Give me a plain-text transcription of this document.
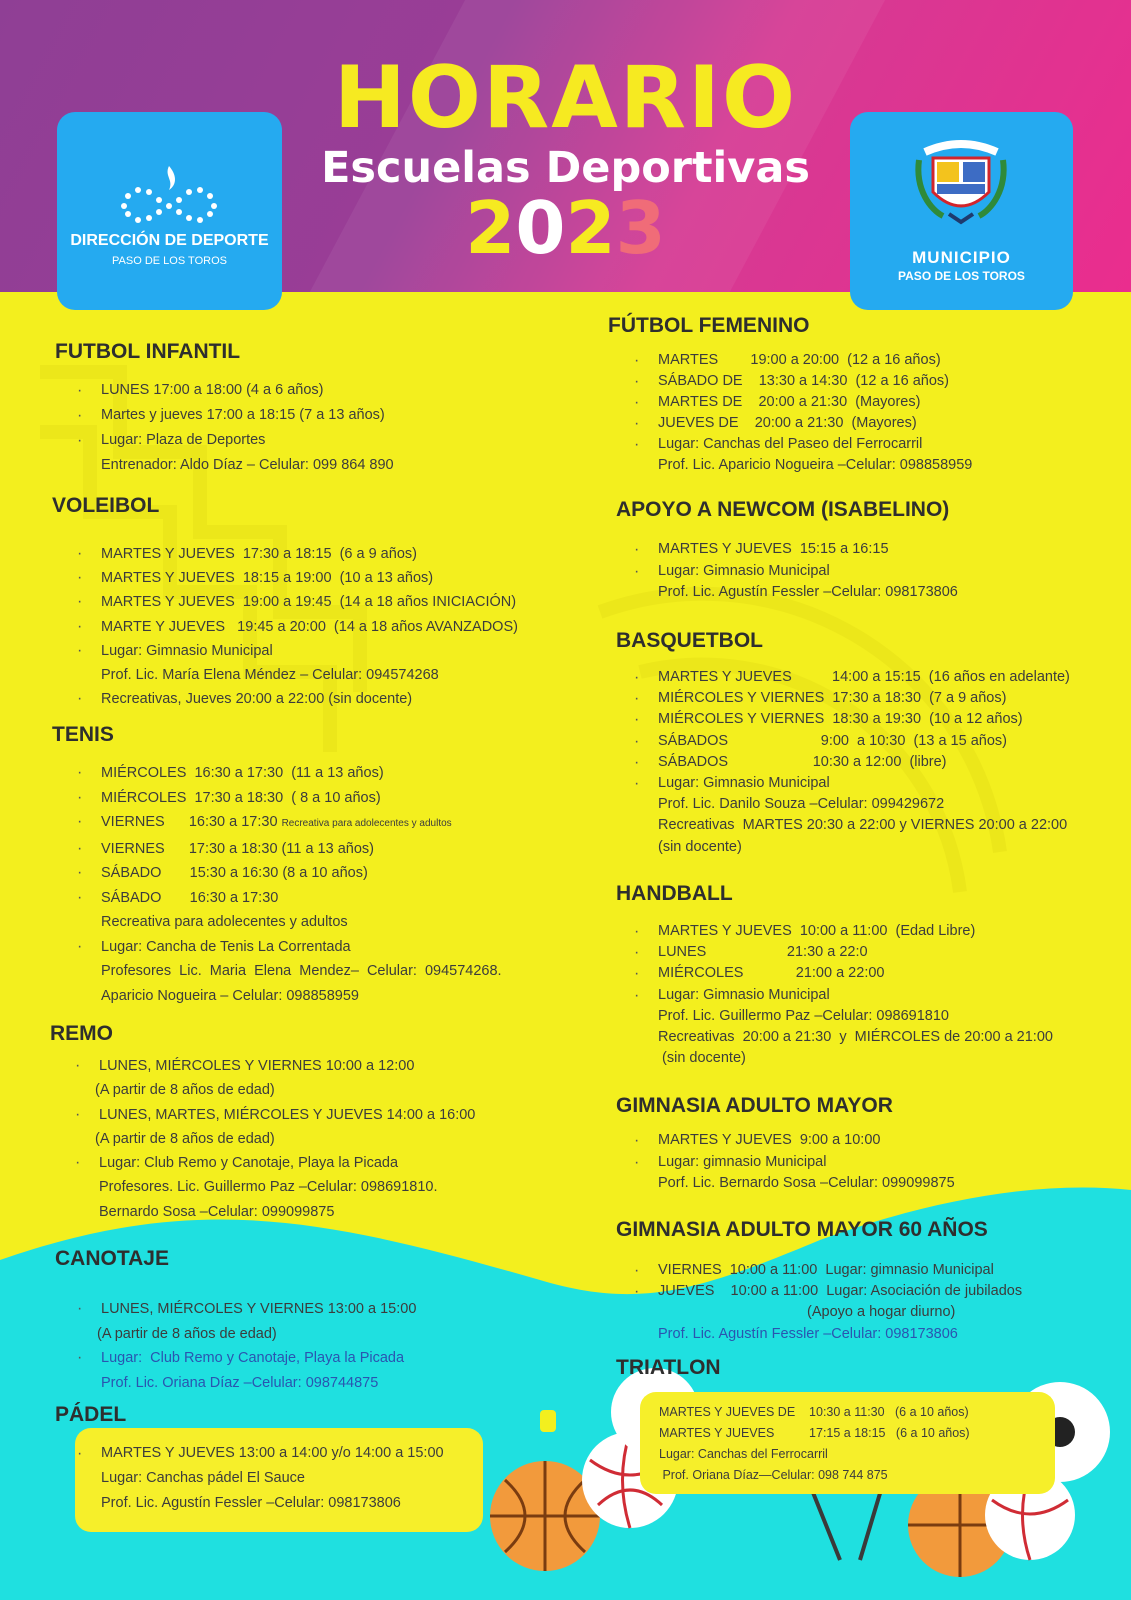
HORARIO
Escuelas Deportivas
2023
DIRECCIÓN DE DEPORTE
PASO DE LOS TOROS	MUNICIPIO
PASO DE LOS TOROS
FUTBOL INFANTIL
· LUNES 17:00 a 18:00 (4 a 6 años)
· Martes y jueves 17:00 a 18:15 (7 a 13 años)
· Lugar: Plaza de Deportes
Entrenador: Aldo Díaz – Celular: 099 864 890
VOLEIBOL
· MARTES Y JUEVES  17:30 a 18:15  (6 a 9 años)
· MARTES Y JUEVES  18:15 a 19:00  (10 a 13 años)
· MARTES Y JUEVES  19:00 a 19:45  (14 a 18 años INICIACIÓN)
· MARTE Y JUEVES   19:45 a 20:00  (14 a 18 años AVANZADOS)
· Lugar: Gimnasio Municipal
Prof. Lic. María Elena Méndez – Celular: 094574268
· Recreativas, Jueves 20:00 a 22:00 (sin docente)
TENIS
· MIÉRCOLES  16:30 a 17:30  (11 a 13 años)
· MIÉRCOLES  17:30 a 18:30  ( 8 a 10 años)
· VIERNES      16:30 a 17:30 Recreativa para adolecentes y adultos
· VIERNES      17:30 a 18:30 (11 a 13 años)
· SÁBADO       15:30 a 16:30 (8 a 10 años)
· SÁBADO       16:30 a 17:30
Recreativa para adolecentes y adultos
· Lugar: Cancha de Tenis La Correntada
Profesores  Lic.  Maria  Elena  Mendez–  Celular:  094574268.
Aparicio Nogueira – Celular: 098858959
REMO
· LUNES, MIÉRCOLES Y VIERNES 10:00 a 12:00
(A partir de 8 años de edad)
· LUNES, MARTES, MIÉRCOLES Y JUEVES 14:00 a 16:00
(A partir de 8 años de edad)
· Lugar: Club Remo y Canotaje, Playa la Picada
Profesores. Lic. Guillermo Paz –Celular: 098691810.
Bernardo Sosa –Celular: 099099875
CANOTAJE
· LUNES, MIÉRCOLES Y VIERNES 13:00 a 15:00
(A partir de 8 años de edad)
· Lugar:  Club Remo y Canotaje, Playa la Picada
Prof. Lic. Oriana Díaz –Celular: 098744875
PÁDEL
· MARTES Y JUEVES 13:00 a 14:00 y/o 14:00 a 15:00
Lugar: Canchas pádel El Sauce
Prof. Lic. Agustín Fessler –Celular: 098173806
FÚTBOL FEMENINO
· MARTES        19:00 a 20:00  (12 a 16 años)
· SÁBADO DE    13:30 a 14:30  (12 a 16 años)
· MARTES DE    20:00 a 21:30  (Mayores)
· JUEVES DE    20:00 a 21:30  (Mayores)
· Lugar: Canchas del Paseo del Ferrocarril
Prof. Lic. Aparicio Nogueira –Celular: 098858959
APOYO A NEWCOM (ISABELINO)
· MARTES Y JUEVES  15:15 a 16:15
· Lugar: Gimnasio Municipal
Prof. Lic. Agustín Fessler –Celular: 098173806
BASQUETBOL
· MARTES Y JUEVES          14:00 a 15:15  (16 años en adelante)
· MIÉRCOLES Y VIERNES  17:30 a 18:30  (7 a 9 años)
· MIÉRCOLES Y VIERNES  18:30 a 19:30  (10 a 12 años)
· SÁBADOS                       9:00  a 10:30  (13 a 15 años)
· SÁBADOS                     10:30 a 12:00  (libre)
· Lugar: Gimnasio Municipal
Prof. Lic. Danilo Souza –Celular: 099429672
Recreativas  MARTES 20:30 a 22:00 y VIERNES 20:00 a 22:00
(sin docente)
HANDBALL
· MARTES Y JUEVES  10:00 a 11:00  (Edad Libre)
· LUNES                    21:30 a 22:0
· MIÉRCOLES             21:00 a 22:00
· Lugar: Gimnasio Municipal
Prof. Lic. Guillermo Paz –Celular: 098691810
Recreativas  20:00 a 21:30  y  MIÉRCOLES de 20:00 a 21:00
(sin docente)
GIMNASIA ADULTO MAYOR
· MARTES Y JUEVES  9:00 a 10:00
· Lugar: gimnasio Municipal
Porf. Lic. Bernardo Sosa –Celular: 099099875
GIMNASIA ADULTO MAYOR 60 AÑOS
· VIERNES  10:00 a 11:00  Lugar: gimnasio Municipal
· JUEVES    10:00 a 11:00  Lugar: Asociación de jubilados
(Apoyo a hogar diurno)
Prof. Lic. Agustín Fessler –Celular: 098173806
TRIATLON
MARTES Y JUEVES DE    10:30 a 11:30   (6 a 10 años)
MARTES Y JUEVES          17:15 a 18:15   (6 a 10 años)
Lugar: Canchas del Ferrocarril
Prof. Oriana Díaz—Celular: 098 744 875
